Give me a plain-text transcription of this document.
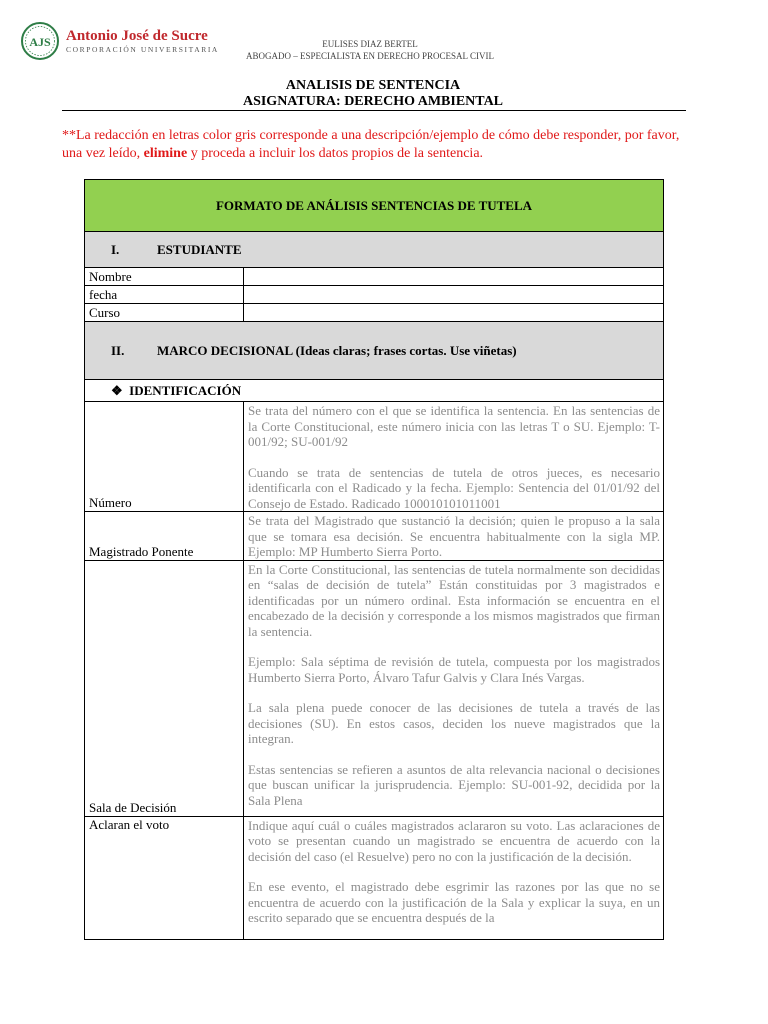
AJS Antonio José de Sucre
CORPORACIÓN UNIVERSITARIA	EULISES DIAZ BERTEL
ABOGADO – ESPECIALISTA EN DERECHO PROCESAL CIVIL
ANALISIS DE SENTENCIA
ASIGNATURA: DERECHO AMBIENTAL
**La redacción en letras color gris corresponde a una descripción/ejemplo de cómo debe responder, por favor, una vez leído, elimine y proceda a incluir los datos propios de la sentencia.
FORMATO DE ANÁLISIS SENTENCIAS DE TUTELA	
I. ESTUDIANTE	
Nombre	
fecha	
Curso	
II. MARCO DECISIONAL (Ideas claras; frases cortas. Use viñetas)	
❖ IDENTIFICACIÓN	
Número	Se trata del número con el que se identifica la sentencia. En las sentencias de la Corte Constitucional, este número inicia con las letras T o SU. Ejemplo: T-001/92; SU-001/92

Cuando se trata de sentencias de tutela de otros jueces, es necesario identificarla con el Radicado y la fecha. Ejemplo: Sentencia del 01/01/92 del Consejo de Estado. Radicado 100010101011001

Magistrado Ponente	Se trata del Magistrado que sustanció la decisión; quien le propuso a la sala que se tomara esa decisión. Se encuentra habitualmente con la sigla MP. Ejemplo: MP Humberto Sierra Porto.

Sala de Decisión	En la Corte Constitucional, las sentencias de tutela normalmente son decididas en “salas de decisión de tutela” Están constituidas por 3 magistrados e identificadas por un número ordinal. Esta información se encuentra en el encabezado de la decisión y corresponde a los mismos magistrados que firman la sentencia.

Ejemplo: Sala séptima de revisión de tutela, compuesta por los magistrados Humberto Sierra Porto, Álvaro Tafur Galvis y Clara Inés Vargas.

La sala plena puede conocer de las decisiones de tutela a través de las decisiones (SU). En estos casos, deciden los nueve magistrados que la integran.

Estas sentencias se refieren a asuntos de alta relevancia nacional o decisiones que buscan unificar la jurisprudencia. Ejemplo: SU-001-92, decidida por la Sala Plena

Aclaran el voto	Indique aquí cuál o cuáles magistrados aclararon su voto. Las aclaraciones de voto se presentan cuando un magistrado se encuentra de acuerdo con la decisión del caso (el Resuelve) pero no con la justificación de la decisión.

En ese evento, el magistrado debe esgrimir las razones por las que no se encuentra de acuerdo con la justificación de la Sala y explicar la suya, en un escrito separado que se encuentra después de la
